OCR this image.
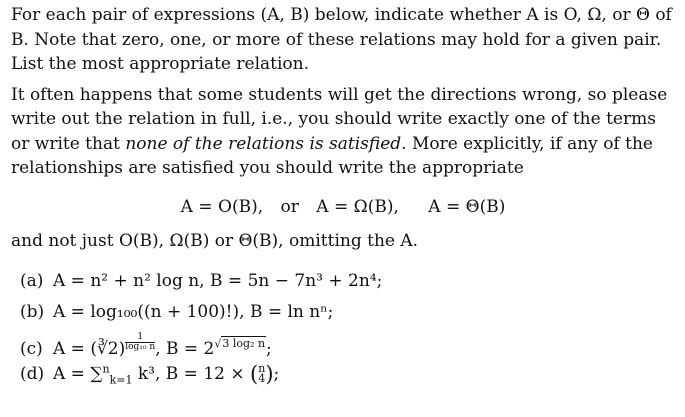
For each pair of expressions (A, B) below, indicate whether A is O, Ω, or Θ of B. Note that zero, one, or more of these relations may hold for a given pair. List the most appropriate relation.

It often happens that some students will get the directions wrong, so please write out the relation in full, i.e., you should write exactly one of the terms or write that none of the relations is satisfied. More explicitly, if any of the relationships are satisfied you should write the appropriate

A = O(B), or A = Ω(B), A = Θ(B)

and not just O(B), Ω(B) or Θ(B), omitting the A.

(a) A = n² + n² log n, B = 5n − 7n³ + 2n⁴;
(b) A = log₁₀₀((n + 100)!), B = ln nⁿ;
(c) A = (∛2) $^{\frac{1}{\text{log₁₀ n}}}$ , $B = 2^{√3 log_2 n}$;
(d) A = ∑$^n_{k=1}$ k³, B = 12 × ( n
4 );
